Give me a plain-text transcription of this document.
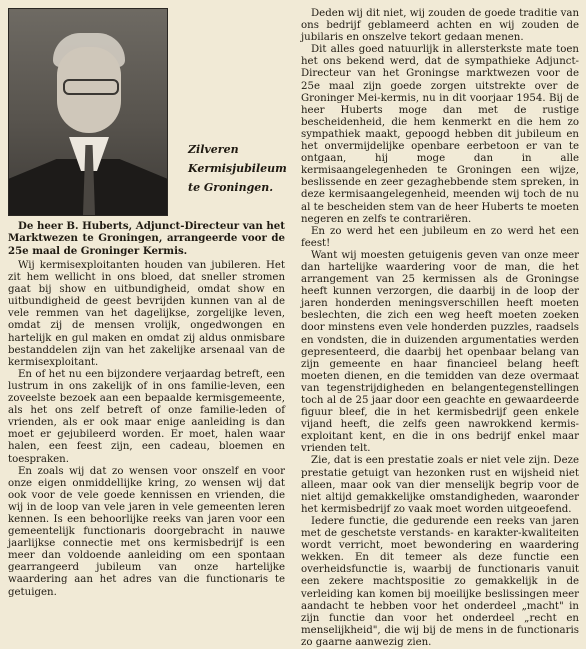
Zilveren
Kermisjubileum
te Groningen.

De heer B. Huberts, Adjunct-Directeur van het Marktwezen te Groningen, arrangeerde voor de 25e maal de Groninger Kermis.

Wij kermisexploitanten houden van jubileren. Het zit hem wellicht in ons bloed, dat sneller stromen gaat bij show en uitbundigheid, omdat show en uitbundigheid de geest bevrijden kunnen van al de vele remmen van het dagelijkse, zorgelijke leven, omdat zij de mensen vrolijk, ongedwongen en hartelijk en gul maken en omdat zij aldus onmisbare bestanddelen zijn van het zakelijke arsenaal van de kermisexploitant.

En of het nu een bijzondere verjaardag betreft, een lustrum in ons zakelijk of in ons familie-leven, een zoveelste bezoek aan een bepaalde kermisgemeente, als het ons zelf betreft of onze familie-leden of vrienden, als er ook maar enige aanleiding is dan moet er gejubileerd worden. Er moet, halen waar halen, een feest zijn, een cadeau, bloemen en toespraken.

En zoals wij dat zo wensen voor onszelf en voor onze eigen onmiddellijke kring, zo wensen wij dat ook voor de vele goede kennissen en vrienden, die wij in de loop van vele jaren in vele gemeenten leren kennen. Is een behoorlijke reeks van jaren voor een gemeentelijk functionaris doorgebracht in nauwe jaarlijkse connectie met ons kermisbedrijf is een meer dan voldoende aanleiding om een spontaan gearrangeerd jubileum van onze hartelijke waardering aan het adres van die functionaris te getuigen.

Deden wij dit niet, wij zouden de goede traditie van ons bedrijf geblameerd achten en wij zouden de jubilaris en onszelve tekort gedaan menen.

Dit alles goed natuurlijk in allersterkste mate toen het ons bekend werd, dat de sympathieke Adjunct-Directeur van het Groningse marktwezen voor de 25e maal zijn goede zorgen uitstrekte over de Groninger Mei-kermis, nu in dit voorjaar 1954. Bij de heer Huberts moge dan met de rustige bescheidenheid, die hem kenmerkt en die hem zo sympathiek maakt, gepoogd hebben dit jubileum en het onvermijdelijke openbare eerbetoon er van te ontgaan, hij moge dan in alle kermisaangelegenheden te Groningen een wijze, beslissende en zeer gezaghebbende stem spreken, in deze kermisaangelegenheid, meenden wij toch de nu al te bescheiden stem van de heer Huberts te moeten negeren en zelfs te contrariëren.

En zo werd het een jubileum en zo werd het een feest!

Want wij moesten getuigenis geven van onze meer dan hartelijke waardering voor de man, die het arrangement van 25 kermissen als de Groningse heeft kunnen verzorgen, die daarbij in de loop der jaren honderden meningsverschillen heeft moeten beslechten, die zich een weg heeft moeten zoeken door minstens even vele honderden puzzles, raadsels en vondsten, die in duizenden argumentaties werden gepresenteerd, die daarbij het openbaar belang van zijn gemeente en haar financieel belang heeft moeten dienen, en die temidden van deze overmaat van tegenstrijdigheden en belangentegenstellingen toch al de 25 jaar door een geachte en gewaardeerde figuur bleef, die in het kermisbedrijf geen enkele vijand heeft, die zelfs geen nawrokkend kermis-exploitant kent, en die in ons bedrijf enkel maar vrienden telt.

Zie, dat is een prestatie zoals er niet vele zijn. Deze prestatie getuigt van hezonken rust en wijsheid niet alleen, maar ook van dier menselijk begrip voor de niet altijd gemakkelijke omstandigheden, waaronder het kermisbedrijf zo vaak moet worden uitgeoefend.

Iedere functie, die gedurende een reeks van jaren met de geschetste verstands- en karakter-kwaliteiten wordt verricht, moet bewondering en waardering wekken. En dit temeer als deze functie een overheidsfunctie is, waarbij de functionaris vanuit een zekere machtspositie zo gemakkelijk in de verleiding kan komen bij moeilijke beslissingen meer aandacht te hebben voor het onderdeel „macht" in zijn functie dan voor het onderdeel „recht en menselijkheid", die wij bij de mens in de functionaris zo gaarne aanwezig zien.
